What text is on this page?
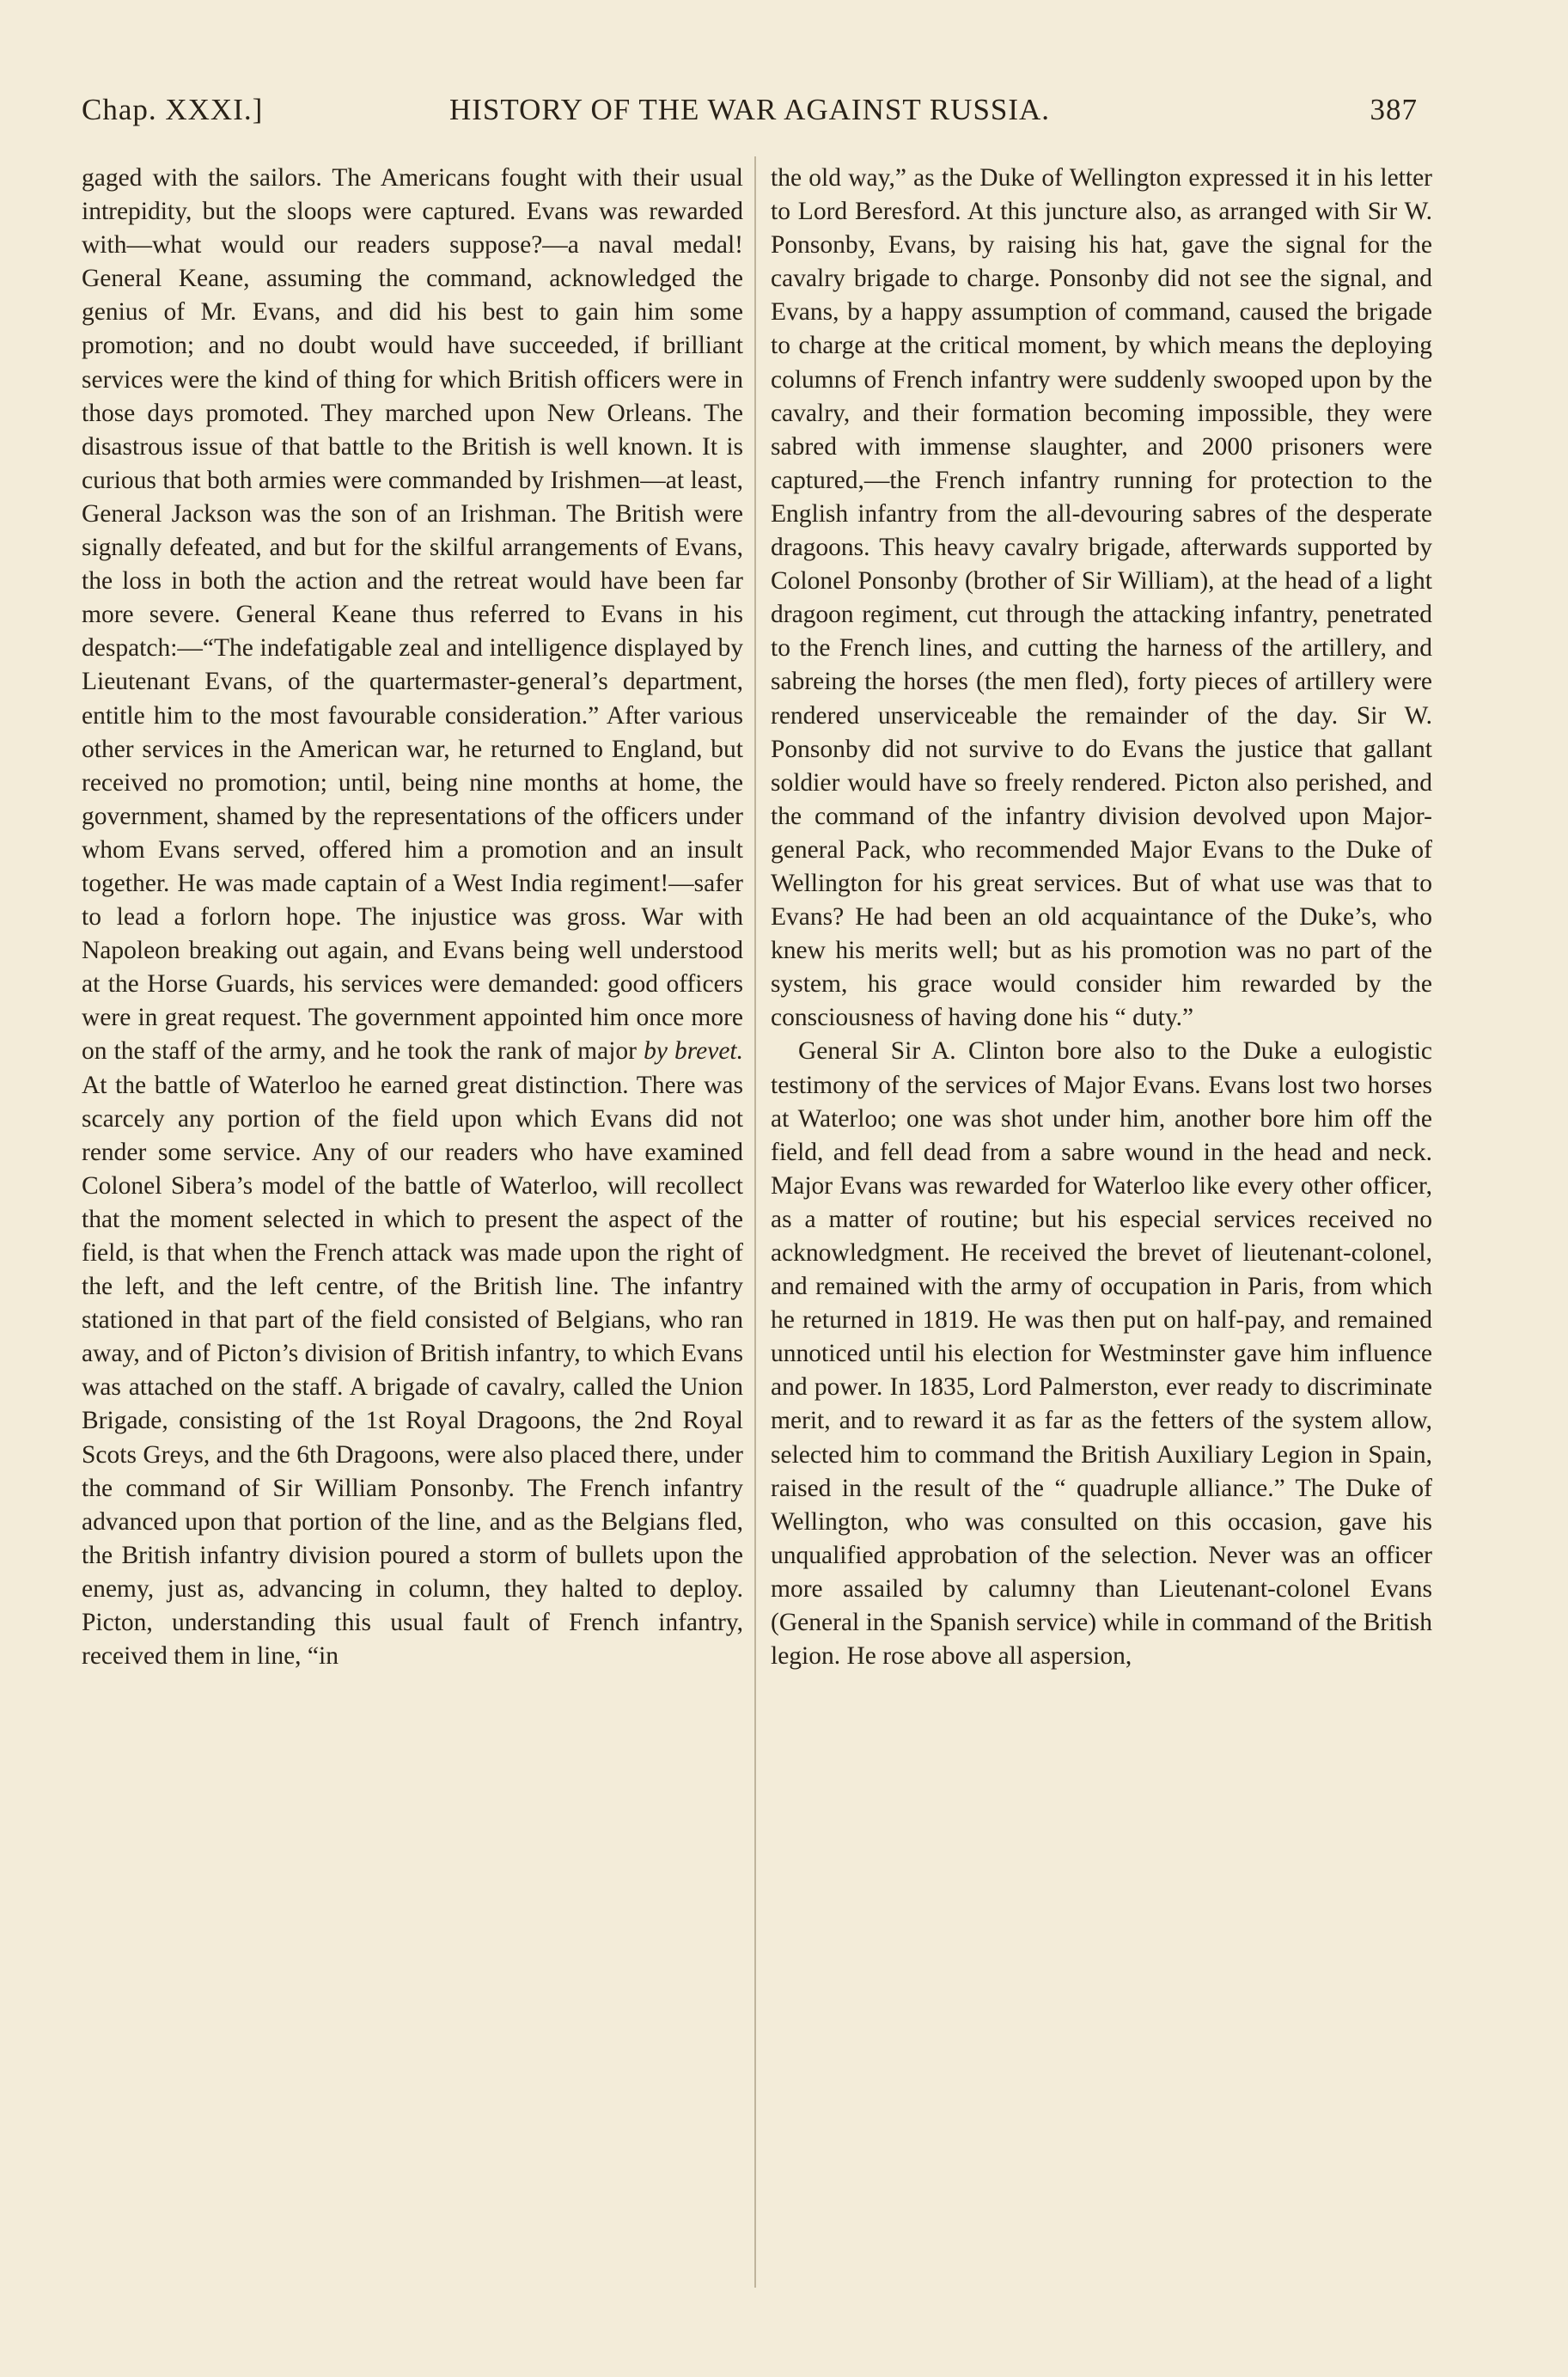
Chap. XXXI.]	HISTORY OF THE WAR AGAINST RUSSIA.	387

gaged with the sailors. The Americans fought with their usual intrepidity, but the sloops were captured. Evans was rewarded with—what would our readers suppose?—a naval medal! General Keane, assuming the command, acknowledged the genius of Mr. Evans, and did his best to gain him some promotion; and no doubt would have succeeded, if brilliant services were the kind of thing for which British officers were in those days promoted. They marched upon New Orleans. The disastrous issue of that battle to the British is well known. It is curious that both armies were commanded by Irishmen—at least, General Jackson was the son of an Irishman. The British were signally defeated, and but for the skilful arrangements of Evans, the loss in both the action and the retreat would have been far more severe. General Keane thus referred to Evans in his despatch:—“The indefatigable zeal and intelligence displayed by Lieutenant Evans, of the quartermaster-general’s department, entitle him to the most favourable consideration.” After various other services in the American war, he returned to England, but received no promotion; until, being nine months at home, the government, shamed by the representations of the officers under whom Evans served, offered him a promotion and an insult together. He was made captain of a West India regiment!—safer to lead a forlorn hope. The injustice was gross. War with Napoleon breaking out again, and Evans being well understood at the Horse Guards, his services were demanded: good officers were in great request. The government appointed him once more on the staff of the army, and he took the rank of major by brevet. At the battle of Waterloo he earned great distinction. There was scarcely any portion of the field upon which Evans did not render some service. Any of our readers who have examined Colonel Sibera’s model of the battle of Waterloo, will recollect that the moment selected in which to present the aspect of the field, is that when the French attack was made upon the right of the left, and the left centre, of the British line. The infantry stationed in that part of the field consisted of Belgians, who ran away, and of Picton’s division of British infantry, to which Evans was attached on the staff. A brigade of cavalry, called the Union Brigade, consisting of the 1st Royal Dragoons, the 2nd Royal Scots Greys, and the 6th Dragoons, were also placed there, under the command of Sir William Ponsonby. The French infantry advanced upon that portion of the line, and as the Belgians fled, the British infantry division poured a storm of bullets upon the enemy, just as, advancing in column, they halted to deploy. Picton, understanding this usual fault of French infantry, received them in line, “in

the old way,” as the Duke of Wellington expressed it in his letter to Lord Beresford. At this juncture also, as arranged with Sir W. Ponsonby, Evans, by raising his hat, gave the signal for the cavalry brigade to charge. Ponsonby did not see the signal, and Evans, by a happy assumption of command, caused the brigade to charge at the critical moment, by which means the deploying columns of French infantry were suddenly swooped upon by the cavalry, and their formation becoming impossible, they were sabred with immense slaughter, and 2000 prisoners were captured,—the French infantry running for protection to the English infantry from the all-devouring sabres of the desperate dragoons. This heavy cavalry brigade, afterwards supported by Colonel Ponsonby (brother of Sir William), at the head of a light dragoon regiment, cut through the attacking infantry, penetrated to the French lines, and cutting the harness of the artillery, and sabreing the horses (the men fled), forty pieces of artillery were rendered unserviceable the remainder of the day. Sir W. Ponsonby did not survive to do Evans the justice that gallant soldier would have so freely rendered. Picton also perished, and the command of the infantry division devolved upon Major-general Pack, who recommended Major Evans to the Duke of Wellington for his great services. But of what use was that to Evans? He had been an old acquaintance of the Duke’s, who knew his merits well; but as his promotion was no part of the system, his grace would consider him rewarded by the consciousness of having done his “ duty.”

General Sir A. Clinton bore also to the Duke a eulogistic testimony of the services of Major Evans. Evans lost two horses at Waterloo; one was shot under him, another bore him off the field, and fell dead from a sabre wound in the head and neck. Major Evans was rewarded for Waterloo like every other officer, as a matter of routine; but his especial services received no acknowledgment. He received the brevet of lieutenant-colonel, and remained with the army of occupation in Paris, from which he returned in 1819. He was then put on half-pay, and remained unnoticed until his election for Westminster gave him influence and power. In 1835, Lord Palmerston, ever ready to discriminate merit, and to reward it as far as the fetters of the system allow, selected him to command the British Auxiliary Legion in Spain, raised in the result of the “ quadruple alliance.” The Duke of Wellington, who was consulted on this occasion, gave his unqualified approbation of the selection. Never was an officer more assailed by calumny than Lieutenant-colonel Evans (General in the Spanish service) while in command of the British legion. He rose above all aspersion,
